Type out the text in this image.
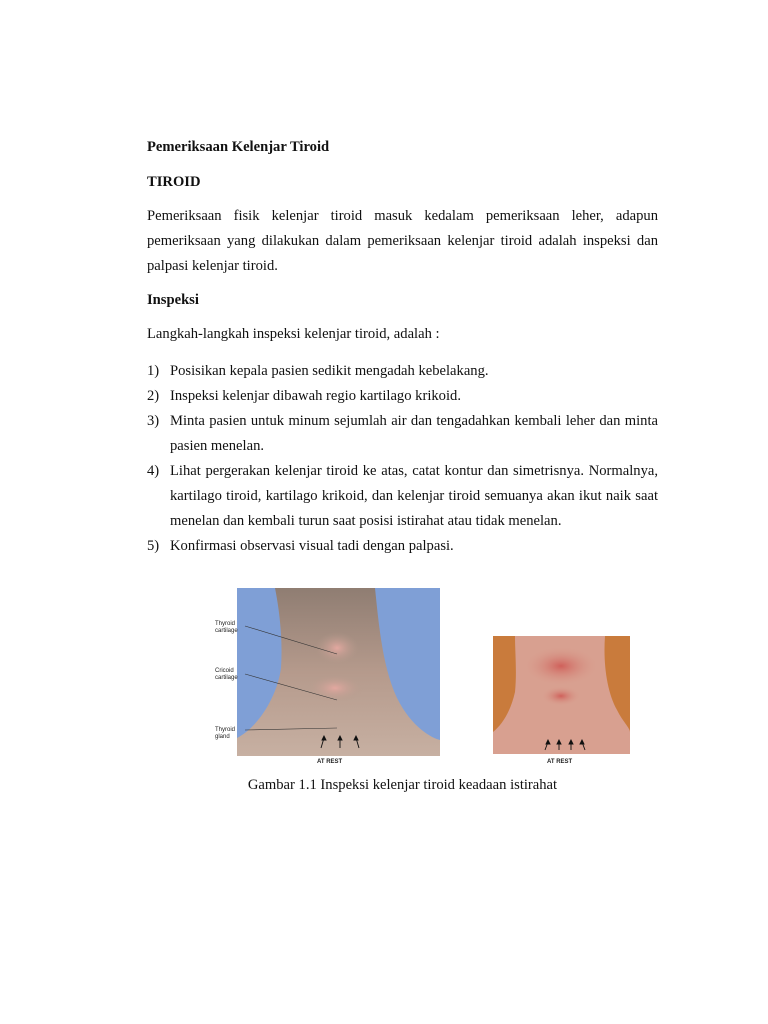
Pemeriksaan Kelenjar Tiroid
TIROID
Pemeriksaan fisik kelenjar tiroid masuk kedalam pemeriksaan leher, adapun pemeriksaan yang dilakukan dalam pemeriksaan kelenjar tiroid adalah inspeksi dan palpasi kelenjar tiroid.
Inspeksi
Langkah-langkah inspeksi kelenjar tiroid, adalah :
1) Posisikan kepala pasien sedikit mengadah kebelakang.
2) Inspeksi kelenjar dibawah regio kartilago krikoid.
3) Minta pasien untuk minum sejumlah air dan tengadahkan kembali leher dan minta pasien menelan.
4) Lihat pergerakan kelenjar tiroid ke atas, catat kontur dan simetrisnya. Normalnya, kartilago tiroid, kartilago krikoid, dan kelenjar tiroid semuanya akan ikut naik saat menelan dan kembali turun saat posisi istirahat atau tidak menelan.
5) Konfirmasi observasi visual tadi dengan palpasi.
Thyroid cartilage
Cricoid cartilage
Thyroid gland
AT REST	AT REST
Gambar 1.1 Inspeksi kelenjar tiroid keadaan istirahat
